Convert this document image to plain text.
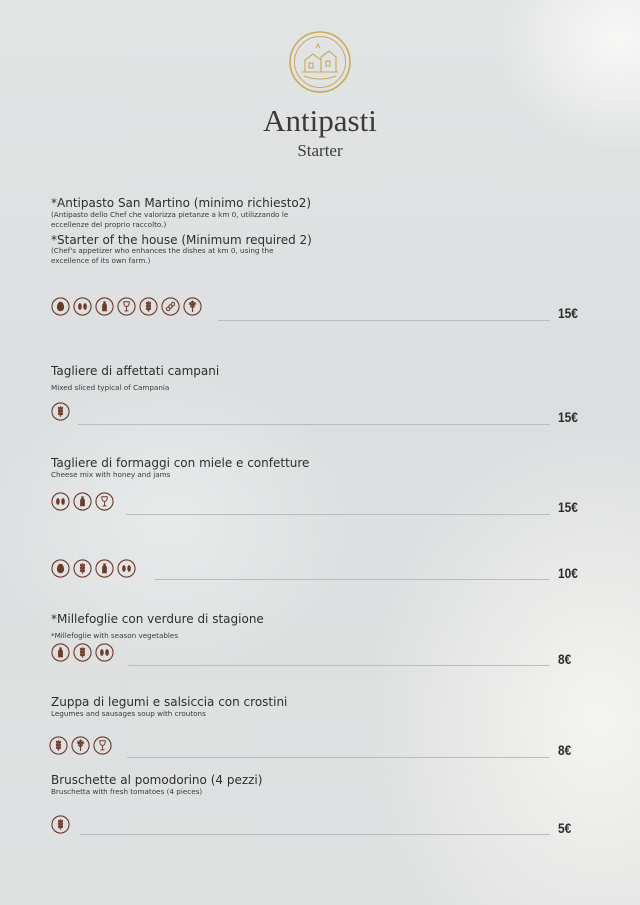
Antipasti
Starter
*Antipasto San Martino (minimo richiesto2)
(Antipasto dello Chef che valorizza pietanze a km 0, utilizzando le eccellenze del proprio raccolto.)
*Starter of the house (Minimum required 2)
(Chef's appetizer who enhances the dishes at km 0, using the excellence of its own farm.)
15€
Tagliere di affettati campani
Mixed sliced typical of Campania
15€
Tagliere di formaggi con miele e confetture
Cheese mix with honey and jams
15€
10€
*Millefoglie con verdure di stagione
*Millefoglie with season vegetables
8€
Zuppa di legumi e salsiccia con crostini
Legumes and sausages soup with croutons
8€
Bruschette al pomodorino (4 pezzi)
Bruschetta with fresh tomatoes (4 pieces)
5€
